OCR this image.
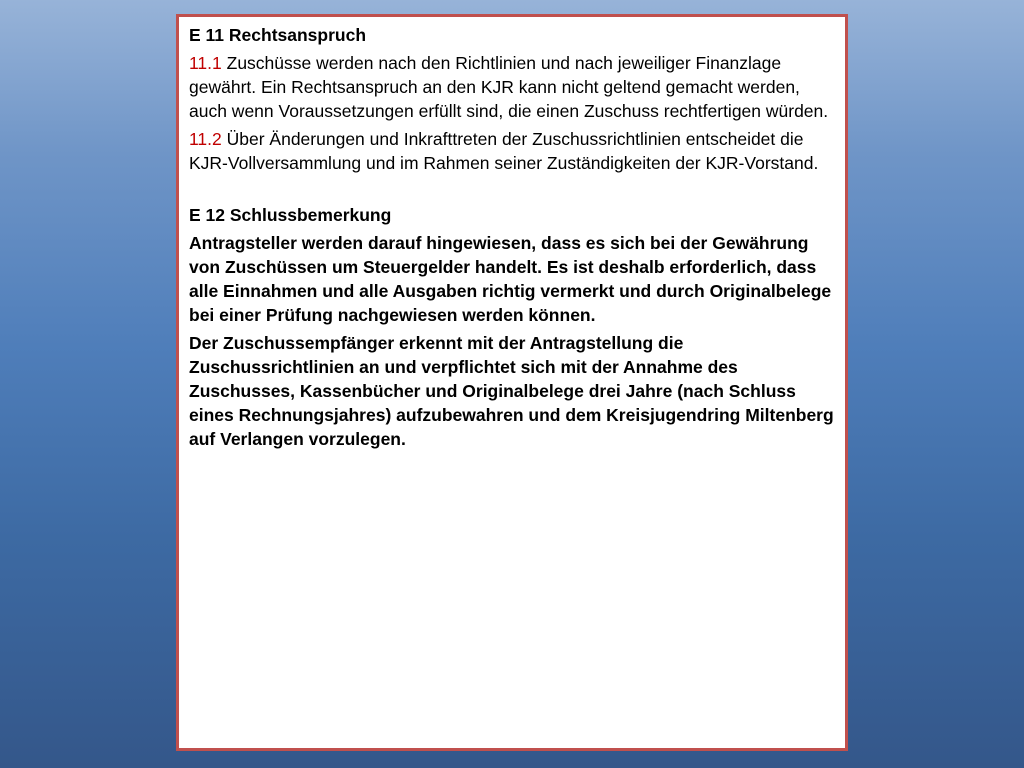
E 11 Rechtsanspruch
11.1 Zuschüsse werden nach den Richtlinien und nach jeweiliger Finanzlage gewährt. Ein Rechtsanspruch an den KJR kann nicht geltend gemacht werden, auch wenn Voraussetzungen erfüllt sind, die einen Zuschuss rechtfertigen würden.
11.2 Über Änderungen und Inkrafttreten der Zuschussrichtlinien entscheidet die KJR-Vollversammlung und im Rahmen seiner Zuständigkeiten der KJR-Vorstand.
E 12 Schlussbemerkung
Antragsteller werden darauf hingewiesen, dass es sich bei der Gewährung von Zuschüssen um Steuergelder handelt. Es ist deshalb erforderlich, dass alle Einnahmen und alle Ausgaben richtig vermerkt und durch Originalbelege bei einer Prüfung nachgewiesen werden können.
Der Zuschussempfänger erkennt mit der Antragstellung die Zuschussrichtlinien an und verpflichtet sich mit der Annahme des Zuschusses, Kassenbücher und Originalbelege drei Jahre (nach Schluss eines Rechnungsjahres) aufzubewahren und dem Kreisjugendring Miltenberg auf Verlangen vorzulegen.
